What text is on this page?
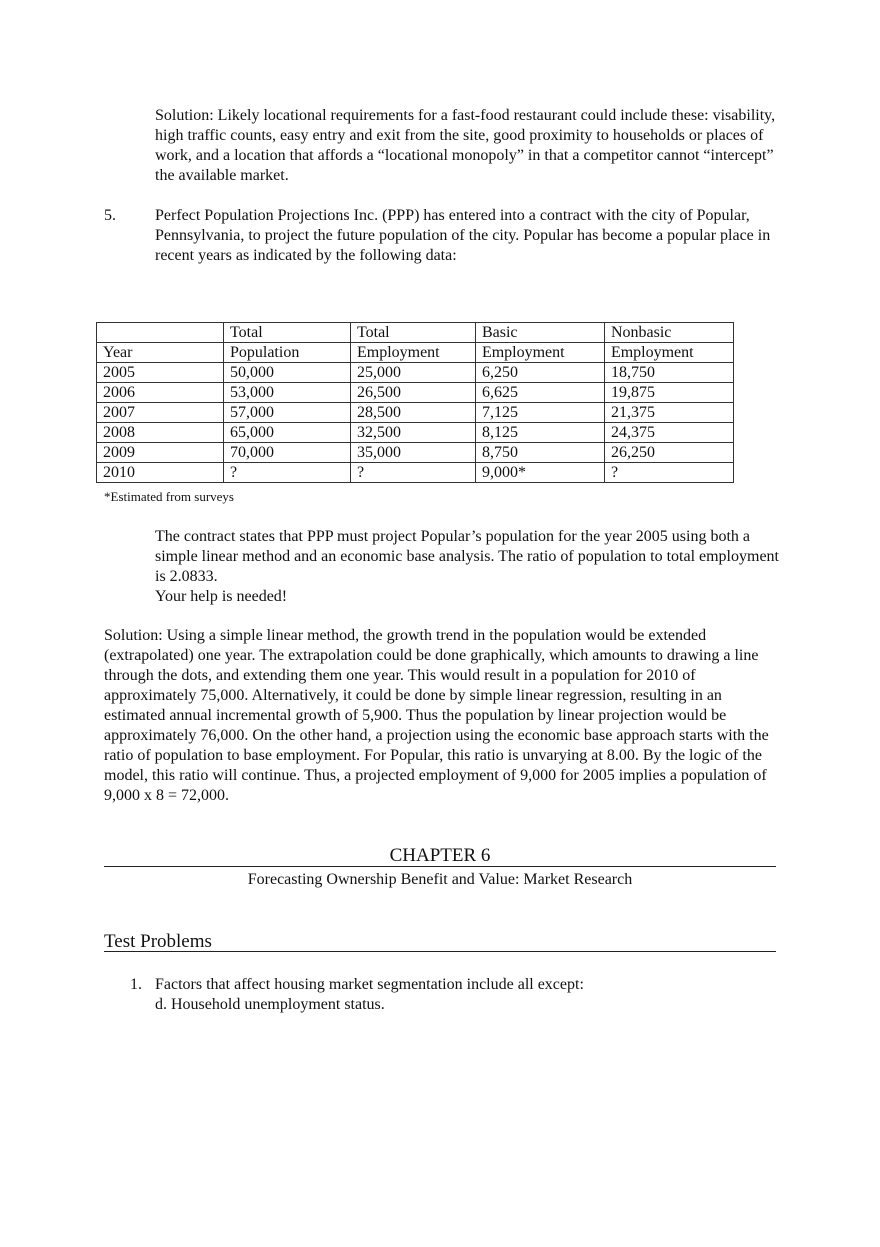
Solution: Likely locational requirements for a fast-food restaurant could include these: visability, high traffic counts, easy entry and exit from the site, good proximity to households or places of work, and a location that affords a “locational monopoly” in that a competitor cannot “intercept” the available market.

5. Perfect Population Projections Inc. (PPP) has entered into a contract with the city of Popular, Pennsylvania, to project the future population of the city. Popular has become a popular place in recent years as indicated by the following data:

	Total	Total	Basic	Nonbasic
Year	Population	Employment	Employment	Employment
2005	50,000	25,000	6,250	18,750
2006	53,000	26,500	6,625	19,875
2007	57,000	28,500	7,125	21,375
2008	65,000	32,500	8,125	24,375
2009	70,000	35,000	8,750	26,250
2010	?	?	9,000*	?
*Estimated from surveys

The contract states that PPP must project Popular’s population for the year 2005 using both a simple linear method and an economic base analysis. The ratio of population to total employment is 2.0833.

Your help is needed!

Solution: Using a simple linear method, the growth trend in the population would be extended (extrapolated) one year. The extrapolation could be done graphically, which amounts to drawing a line through the dots, and extending them one year. This would result in a population for 2010 of approximately 75,000. Alternatively, it could be done by simple linear regression, resulting in an estimated annual incremental growth of 5,900. Thus the population by linear projection would be approximately 76,000. On the other hand, a projection using the economic base approach starts with the ratio of population to base employment. For Popular, this ratio is unvarying at 8.00. By the logic of the model, this ratio will continue. Thus, a projected employment of 9,000 for 2005 implies a population of 9,000 x 8 = 72,000.

CHAPTER 6
Forecasting Ownership Benefit and Value: Market Research
Test Problems
1. Factors that affect housing market segmentation include all except:
d. Household unemployment status.
